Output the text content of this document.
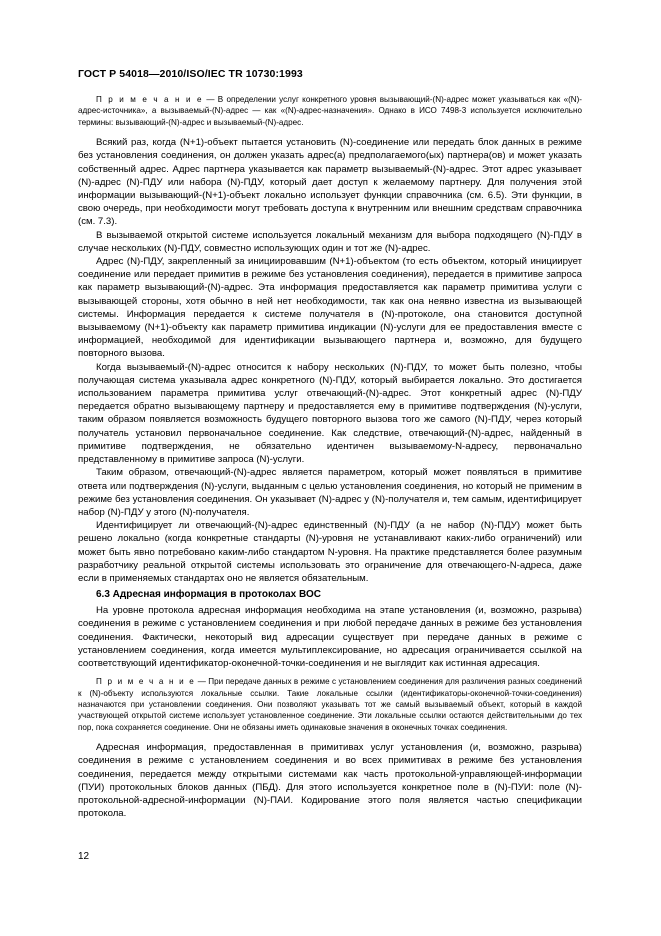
ГОСТ Р 54018—2010/ISO/IEC TR 10730:1993

П р и м е ч а н и е — В определении услуг конкретного уровня вызывающий-(N)-адрес может указываться как «(N)-адрес-источника», а вызываемый-(N)-адрес — как «(N)-адрес-назначения». Однако в ИСО 7498-3 используется исключительно термины: вызывающий-(N)-адрес и вызываемый-(N)-адрес.

Всякий раз, когда (N+1)-объект пытается установить (N)-соединение или передать блок данных в режиме без установления соединения, он должен указать адрес(а) предполагаемого(ых) партнера(ов) и может указать собственный адрес. Адрес партнера указывается как параметр вызываемый-(N)-адрес. Этот адрес указывает (N)-адрес (N)-ПДУ или набора (N)-ПДУ, который дает доступ к желаемому партнеру. Для получения этой информации вызывающий-(N+1)-объект локально использует функции справочника (см. 6.5). Эти функции, в свою очередь, при необходимости могут требовать доступа к внутренним или внешним средствам справочника (см. 7.3).

В вызываемой открытой системе используется локальный механизм для выбора подходящего (N)-ПДУ в случае нескольких (N)-ПДУ, совместно использующих один и тот же (N)-адрес.

Адрес (N)-ПДУ, закрепленный за инициировавшим (N+1)-объектом (то есть объектом, который инициирует соединение или передает примитив в режиме без установления соединения), передается в примитиве запроса как параметр вызывающий-(N)-адрес. Эта информация предоставляется как параметр примитива услуги с вызывающей стороны, хотя обычно в ней нет необходимости, так как она неявно известна из вызывающей системы. Информация передается к системе получателя в (N)-протоколе, она становится доступной вызываемому (N+1)-объекту как параметр примитива индикации (N)-услуги для ее предоставления вместе с информацией, необходимой для идентификации вызывающего партнера и, возможно, для будущего повторного вызова.

Когда вызываемый-(N)-адрес относится к набору нескольких (N)-ПДУ, то может быть полезно, чтобы получающая система указывала адрес конкретного (N)-ПДУ, который выбирается локально. Это достигается использованием параметра примитива услуг отвечающий-(N)-адрес. Этот конкретный адрес (N)-ПДУ передается обратно вызывающему партнеру и предоставляется ему в примитиве подтверждения (N)-услуги, таким образом появляется возможность будущего повторного вызова того же самого (N)-ПДУ, через который получатель установил первоначальное соединение. Как следствие, отвечающий-(N)-адрес, найденный в примитиве подтверждения, не обязательно идентичен вызываемому-N-адресу, первоначально представленному в примитиве запроса (N)-услуги.

Таким образом, отвечающий-(N)-адрес является параметром, который может появляться в примитиве ответа или подтверждения (N)-услуги, выданным с целью установления соединения, но который не применим в режиме без установления соединения. Он указывает (N)-адрес у (N)-получателя и, тем самым, идентифицирует набор (N)-ПДУ у этого (N)-получателя.

Идентифицирует ли отвечающий-(N)-адрес единственный (N)-ПДУ (а не набор (N)-ПДУ) может быть решено локально (когда конкретные стандарты (N)-уровня не устанавливают каких-либо ограничений) или может быть явно потребовано каким-либо стандартом N-уровня. На практике представляется более разумным разработчику реальной открытой системы использовать это ограничение для отвечающего-N-адреса, даже если в применяемых стандартах оно не является обязательным.

6.3 Адресная информация в протоколах ВОС

На уровне протокола адресная информация необходима на этапе установления (и, возможно, разрыва) соединения в режиме с установлением соединения и при любой передаче данных в режиме без установления соединения. Фактически, некоторый вид адресации существует при передаче данных в режиме с установлением соединения, когда имеется мультиплексирование, но адресация ограничивается ссылкой на соответствующий идентификатор-оконечной-точки-соединения и не выглядит как истинная адресация.

П р и м е ч а н и е — При передаче данных в режиме с установлением соединения для различения разных соединений к (N)-объекту используются локальные ссылки. Такие локальные ссылки (идентификаторы-оконечной-точки-соединения) назначаются при установлении соединения. Они позволяют указывать тот же самый вызываемый объект, который в каждой участвующей открытой системе использует установленное соединение. Эти локальные ссылки остаются действительными до тех пор, пока сохраняется соединение. Они не обязаны иметь одинаковые значения в оконечных точках соединения.

Адресная информация, предоставленная в примитивах услуг установления (и, возможно, разрыва) соединения в режиме с установлением соединения и во всех примитивах в режиме без установления соединения, передается между открытыми системами как часть протокольной-управляющей-информации (ПУИ) протокольных блоков данных (ПБД). Для этого используется конкретное поле в (N)-ПУИ: поле (N)-протокольной-адресной-информации (N)-ПАИ. Кодирование этого поля является частью спецификации протокола.

12
